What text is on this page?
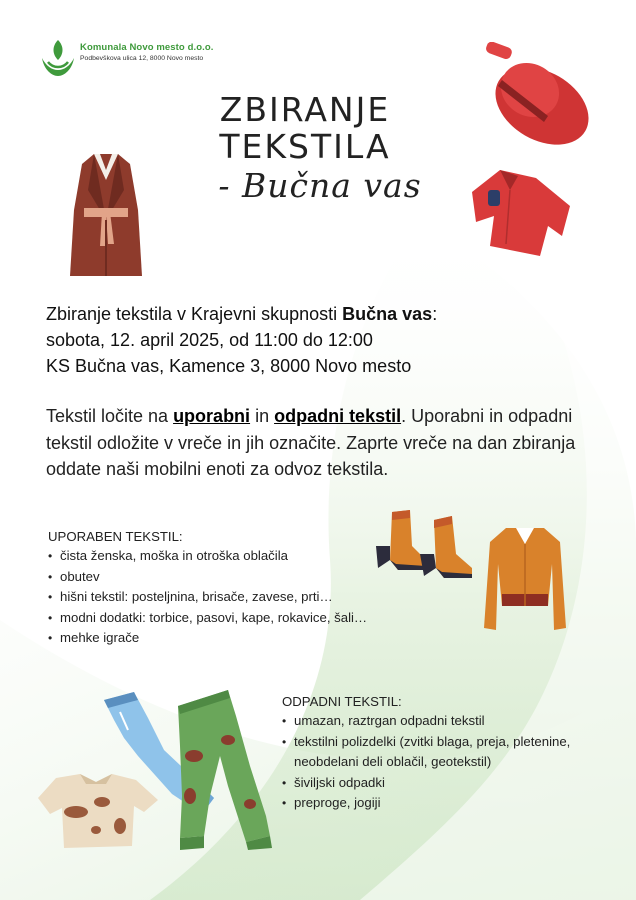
Komunala Novo mesto d.o.o.
Podbevškova ulica 12, 8000 Novo mesto
ZBIRANJE
TEKSTILA
- Bučna vas
Zbiranje tekstila v Krajevni skupnosti Bučna vas:
sobota, 12. april 2025, od 11:00 do 12:00
KS Bučna vas, Kamence 3, 8000 Novo mesto
Tekstil ločite na uporabni in odpadni tekstil. Uporabni in odpadni tekstil odložite v vreče in jih označite. Zaprte vreče na dan zbiranja oddate naši mobilni enoti za odvoz tekstila.
UPORABEN TEKSTIL:
• čista ženska, moška in otroška oblačila
• obutev
• hišni tekstil: posteljnina, brisače, zavese, prti…
• modni dodatki: torbice, pasovi, kape, rokavice, šali…
• mehke igrače
ODPADNI TEKSTIL:
• umazan, raztrgan odpadni tekstil
• tekstilni polizdelki (zvitki blaga, preja, pletenine, neobdelani deli oblačil, geotekstil)
• šiviljski odpadki
• preproge, jogiji
